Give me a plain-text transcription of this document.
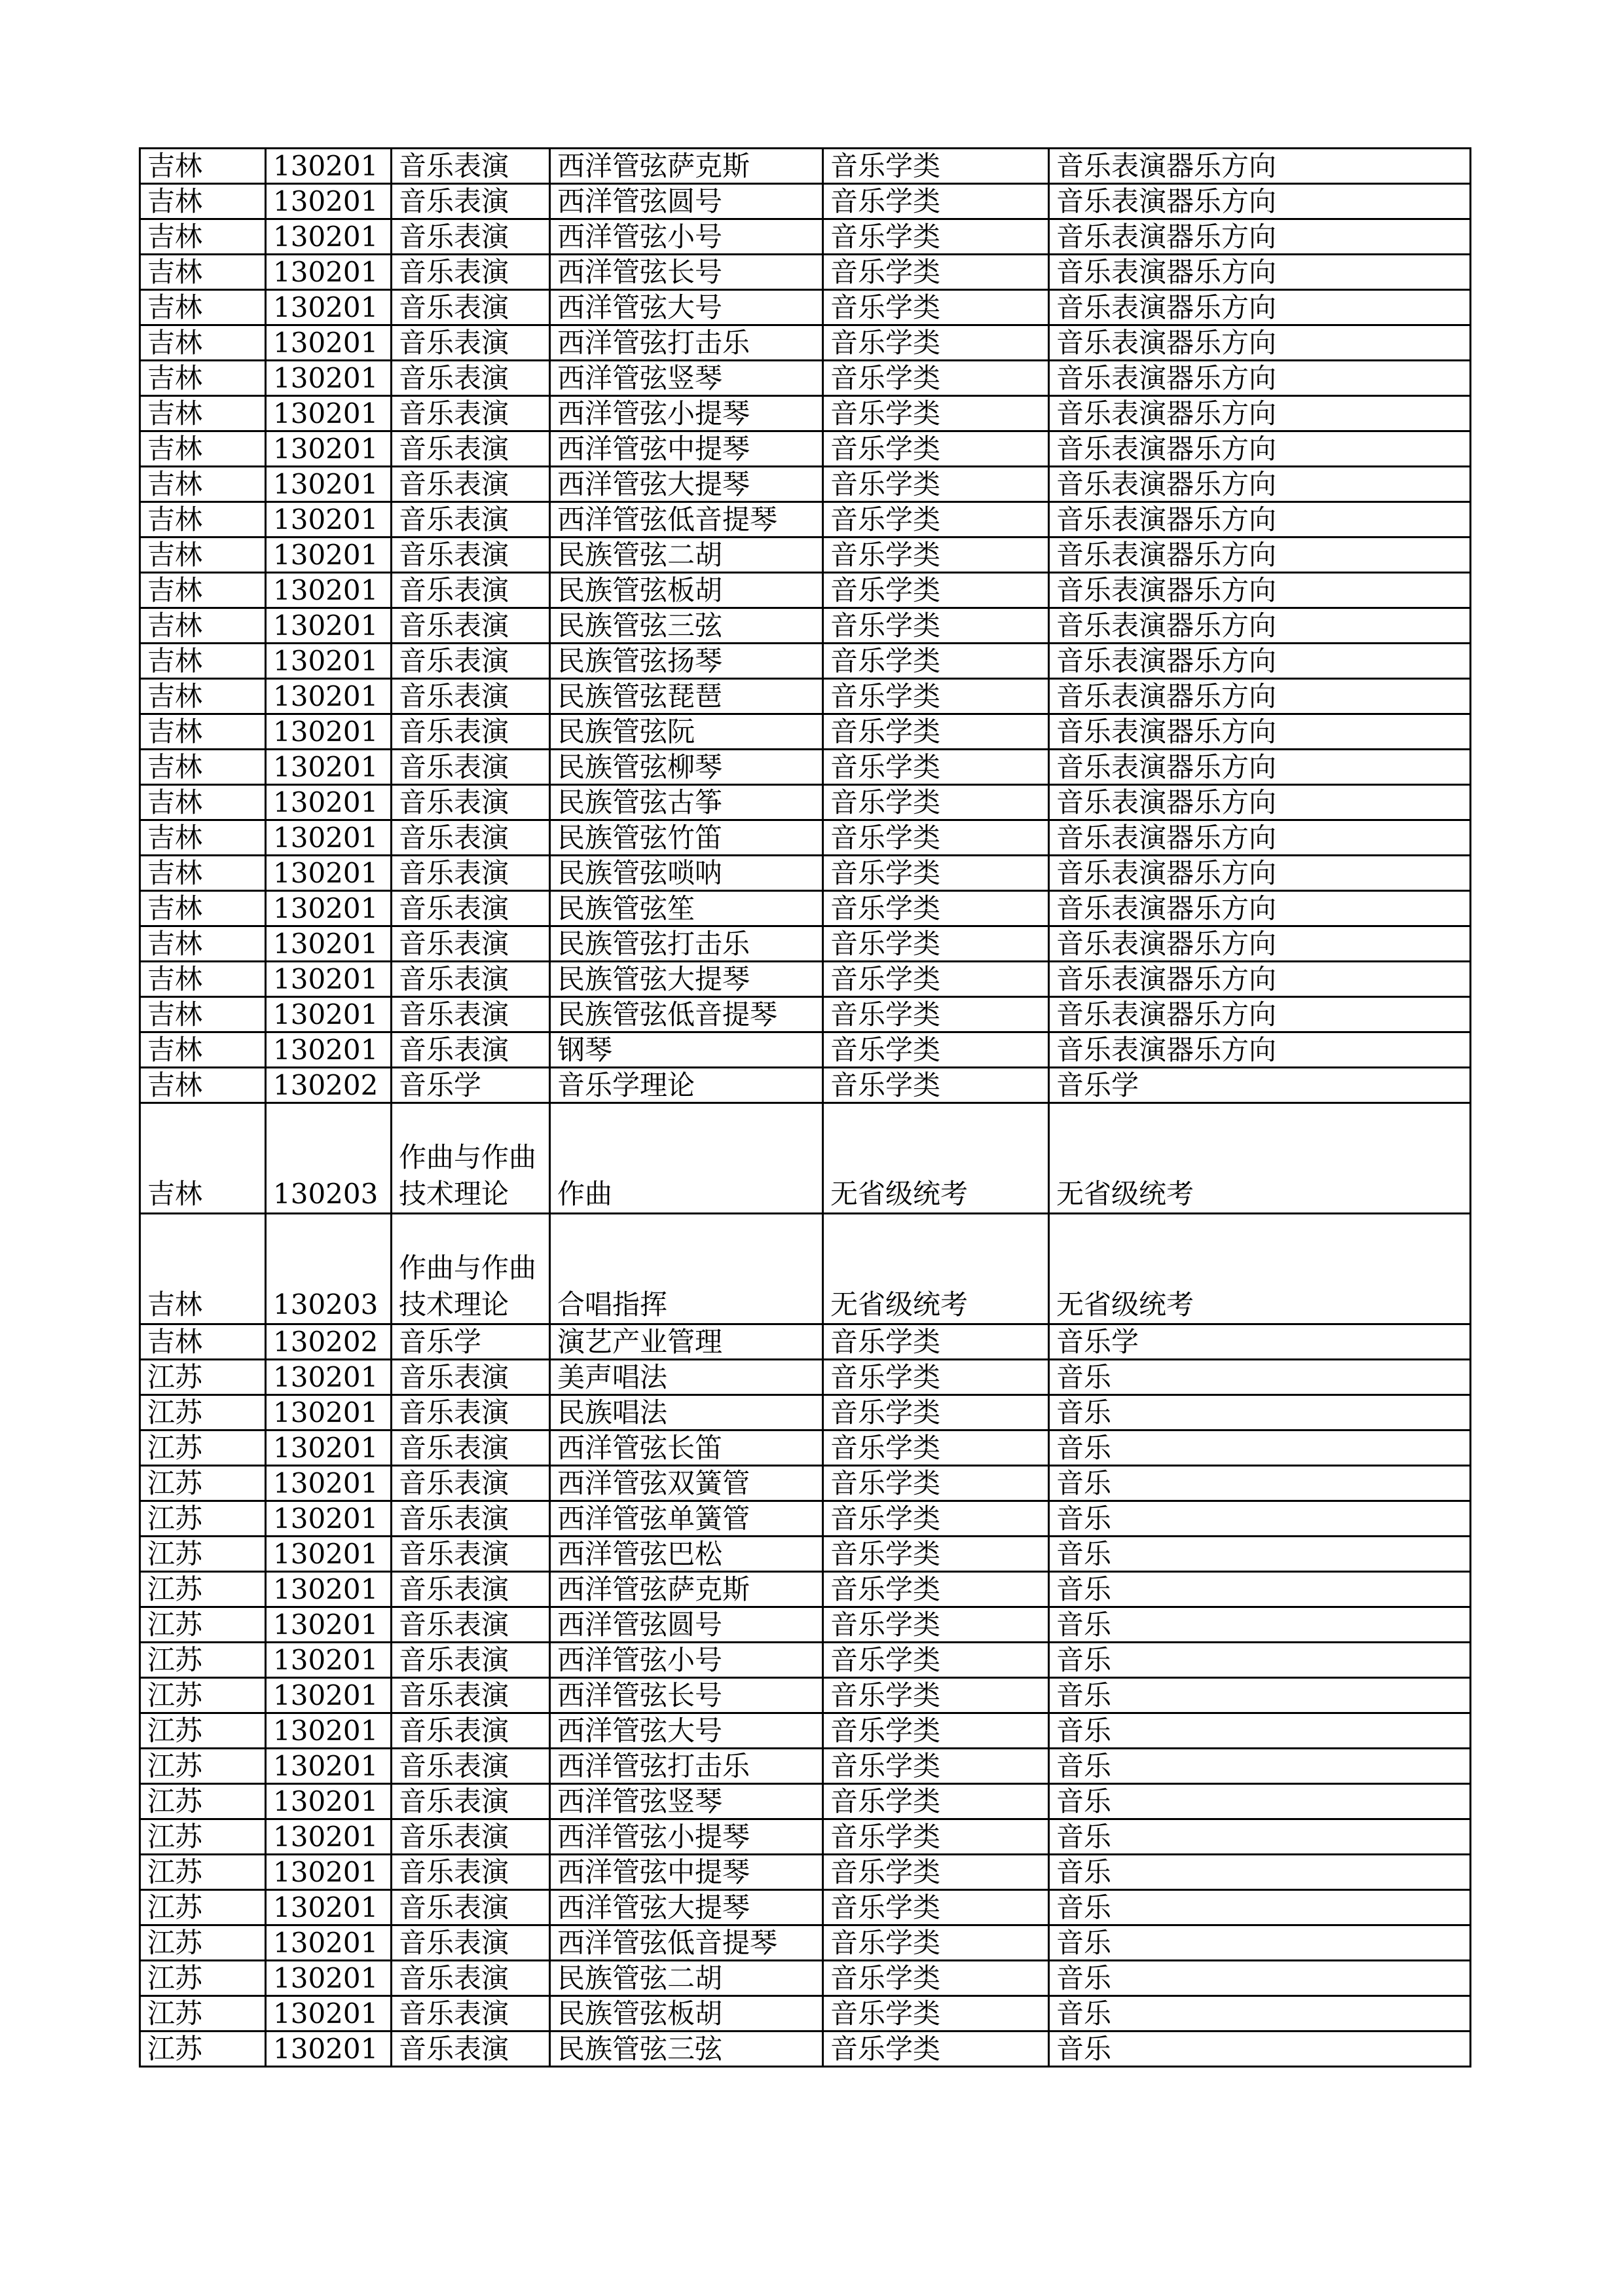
吉林	130201	音乐表演	西洋管弦萨克斯	音乐学类	音乐表演器乐方向
吉林	130201	音乐表演	西洋管弦圆号	音乐学类	音乐表演器乐方向
吉林	130201	音乐表演	西洋管弦小号	音乐学类	音乐表演器乐方向
吉林	130201	音乐表演	西洋管弦长号	音乐学类	音乐表演器乐方向
吉林	130201	音乐表演	西洋管弦大号	音乐学类	音乐表演器乐方向
吉林	130201	音乐表演	西洋管弦打击乐	音乐学类	音乐表演器乐方向
吉林	130201	音乐表演	西洋管弦竖琴	音乐学类	音乐表演器乐方向
吉林	130201	音乐表演	西洋管弦小提琴	音乐学类	音乐表演器乐方向
吉林	130201	音乐表演	西洋管弦中提琴	音乐学类	音乐表演器乐方向
吉林	130201	音乐表演	西洋管弦大提琴	音乐学类	音乐表演器乐方向
吉林	130201	音乐表演	西洋管弦低音提琴	音乐学类	音乐表演器乐方向
吉林	130201	音乐表演	民族管弦二胡	音乐学类	音乐表演器乐方向
吉林	130201	音乐表演	民族管弦板胡	音乐学类	音乐表演器乐方向
吉林	130201	音乐表演	民族管弦三弦	音乐学类	音乐表演器乐方向
吉林	130201	音乐表演	民族管弦扬琴	音乐学类	音乐表演器乐方向
吉林	130201	音乐表演	民族管弦琵琶	音乐学类	音乐表演器乐方向
吉林	130201	音乐表演	民族管弦阮	音乐学类	音乐表演器乐方向
吉林	130201	音乐表演	民族管弦柳琴	音乐学类	音乐表演器乐方向
吉林	130201	音乐表演	民族管弦古筝	音乐学类	音乐表演器乐方向
吉林	130201	音乐表演	民族管弦竹笛	音乐学类	音乐表演器乐方向
吉林	130201	音乐表演	民族管弦唢呐	音乐学类	音乐表演器乐方向
吉林	130201	音乐表演	民族管弦笙	音乐学类	音乐表演器乐方向
吉林	130201	音乐表演	民族管弦打击乐	音乐学类	音乐表演器乐方向
吉林	130201	音乐表演	民族管弦大提琴	音乐学类	音乐表演器乐方向
吉林	130201	音乐表演	民族管弦低音提琴	音乐学类	音乐表演器乐方向
吉林	130201	音乐表演	钢琴	音乐学类	音乐表演器乐方向
吉林	130202	音乐学	音乐学理论	音乐学类	音乐学
吉林	130203	作曲与作曲技术理论	作曲	无省级统考	无省级统考
吉林	130203	作曲与作曲技术理论	合唱指挥	无省级统考	无省级统考
吉林	130202	音乐学	演艺产业管理	音乐学类	音乐学
江苏	130201	音乐表演	美声唱法	音乐学类	音乐
江苏	130201	音乐表演	民族唱法	音乐学类	音乐
江苏	130201	音乐表演	西洋管弦长笛	音乐学类	音乐
江苏	130201	音乐表演	西洋管弦双簧管	音乐学类	音乐
江苏	130201	音乐表演	西洋管弦单簧管	音乐学类	音乐
江苏	130201	音乐表演	西洋管弦巴松	音乐学类	音乐
江苏	130201	音乐表演	西洋管弦萨克斯	音乐学类	音乐
江苏	130201	音乐表演	西洋管弦圆号	音乐学类	音乐
江苏	130201	音乐表演	西洋管弦小号	音乐学类	音乐
江苏	130201	音乐表演	西洋管弦长号	音乐学类	音乐
江苏	130201	音乐表演	西洋管弦大号	音乐学类	音乐
江苏	130201	音乐表演	西洋管弦打击乐	音乐学类	音乐
江苏	130201	音乐表演	西洋管弦竖琴	音乐学类	音乐
江苏	130201	音乐表演	西洋管弦小提琴	音乐学类	音乐
江苏	130201	音乐表演	西洋管弦中提琴	音乐学类	音乐
江苏	130201	音乐表演	西洋管弦大提琴	音乐学类	音乐
江苏	130201	音乐表演	西洋管弦低音提琴	音乐学类	音乐
江苏	130201	音乐表演	民族管弦二胡	音乐学类	音乐
江苏	130201	音乐表演	民族管弦板胡	音乐学类	音乐
江苏	130201	音乐表演	民族管弦三弦	音乐学类	音乐
